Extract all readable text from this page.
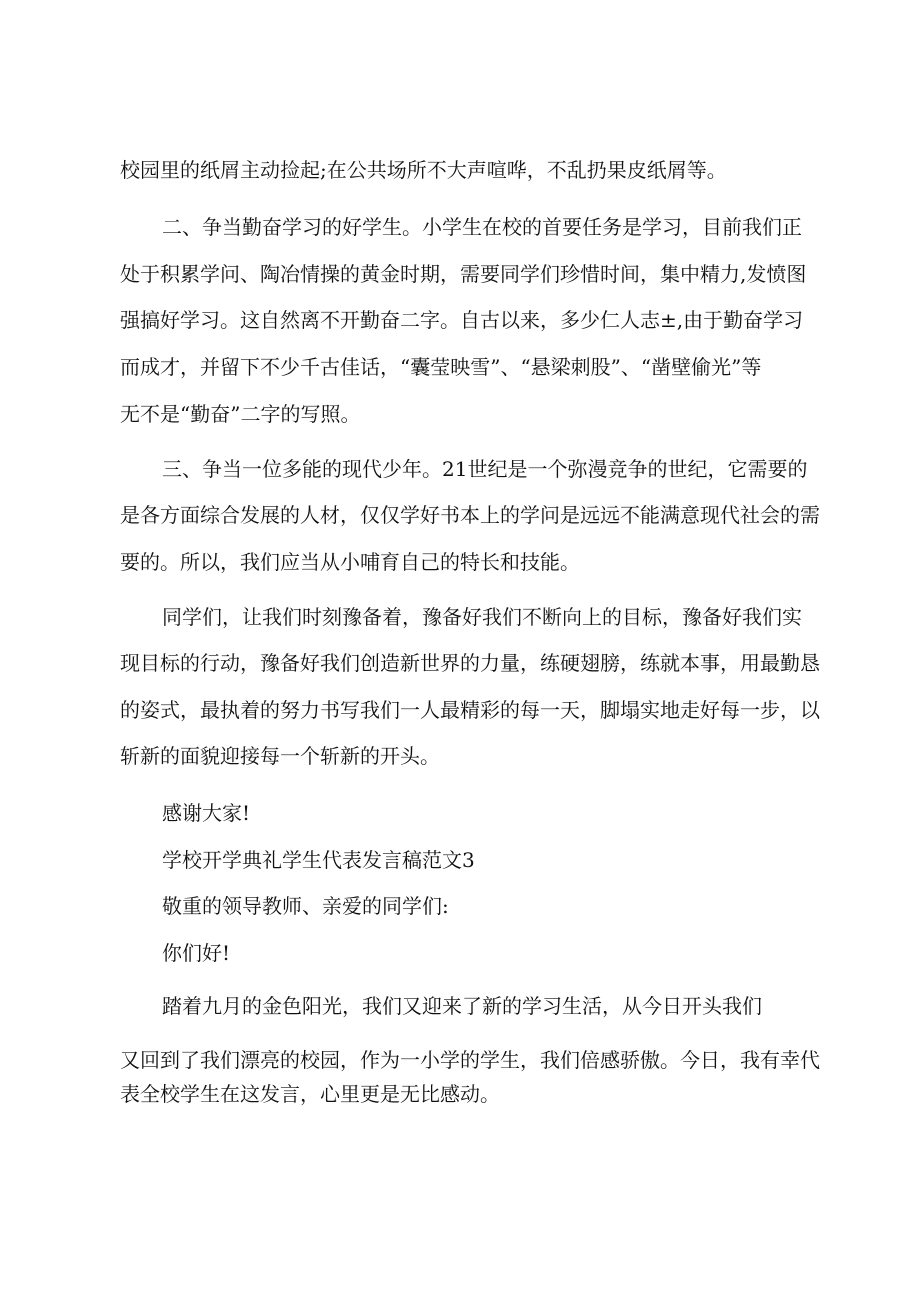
校园里的纸屑主动捡起;在公共场所不大声喧哗，不乱扔果皮纸屑等。
二、争当勤奋学习的好学生。小学生在校的首要任务是学习，目前我们正
处于积累学问、陶冶情操的黄金时期，需要同学们珍惜时间，集中精力,发愤图
强搞好学习。这自然离不开勤奋二字。自古以来，多少仁人志±,由于勤奋学习
而成才，并留下不少千古佳话，“囊莹映雪”、“悬梁刺股”、“凿壁偷光”等
无不是“勤奋”二字的写照。
三、争当一位多能的现代少年。21世纪是一个弥漫竞争的世纪，它需要的
是各方面综合发展的人材，仅仅学好书本上的学问是远远不能满意现代社会的需
要的。所以，我们应当从小哺育自己的特长和技能。
同学们，让我们时刻豫备着，豫备好我们不断向上的目标，豫备好我们实
现目标的行动，豫备好我们创造新世界的力量，练硬翅膀，练就本事，用最勤恳
的姿式，最执着的努力书写我们一人最精彩的每一天，脚塌实地走好每一步，以
斩新的面貌迎接每一个斩新的开头。
感谢大家!
学校开学典礼学生代表发言稿范文3
敬重的领导教师、亲爱的同学们:
你们好!
踏着九月的金色阳光，我们又迎来了新的学习生活，从今日开头我们
又回到了我们漂亮的校园，作为一小学的学生，我们倍感骄傲。今日，我有幸代
表全校学生在这发言，心里更是无比感动。
